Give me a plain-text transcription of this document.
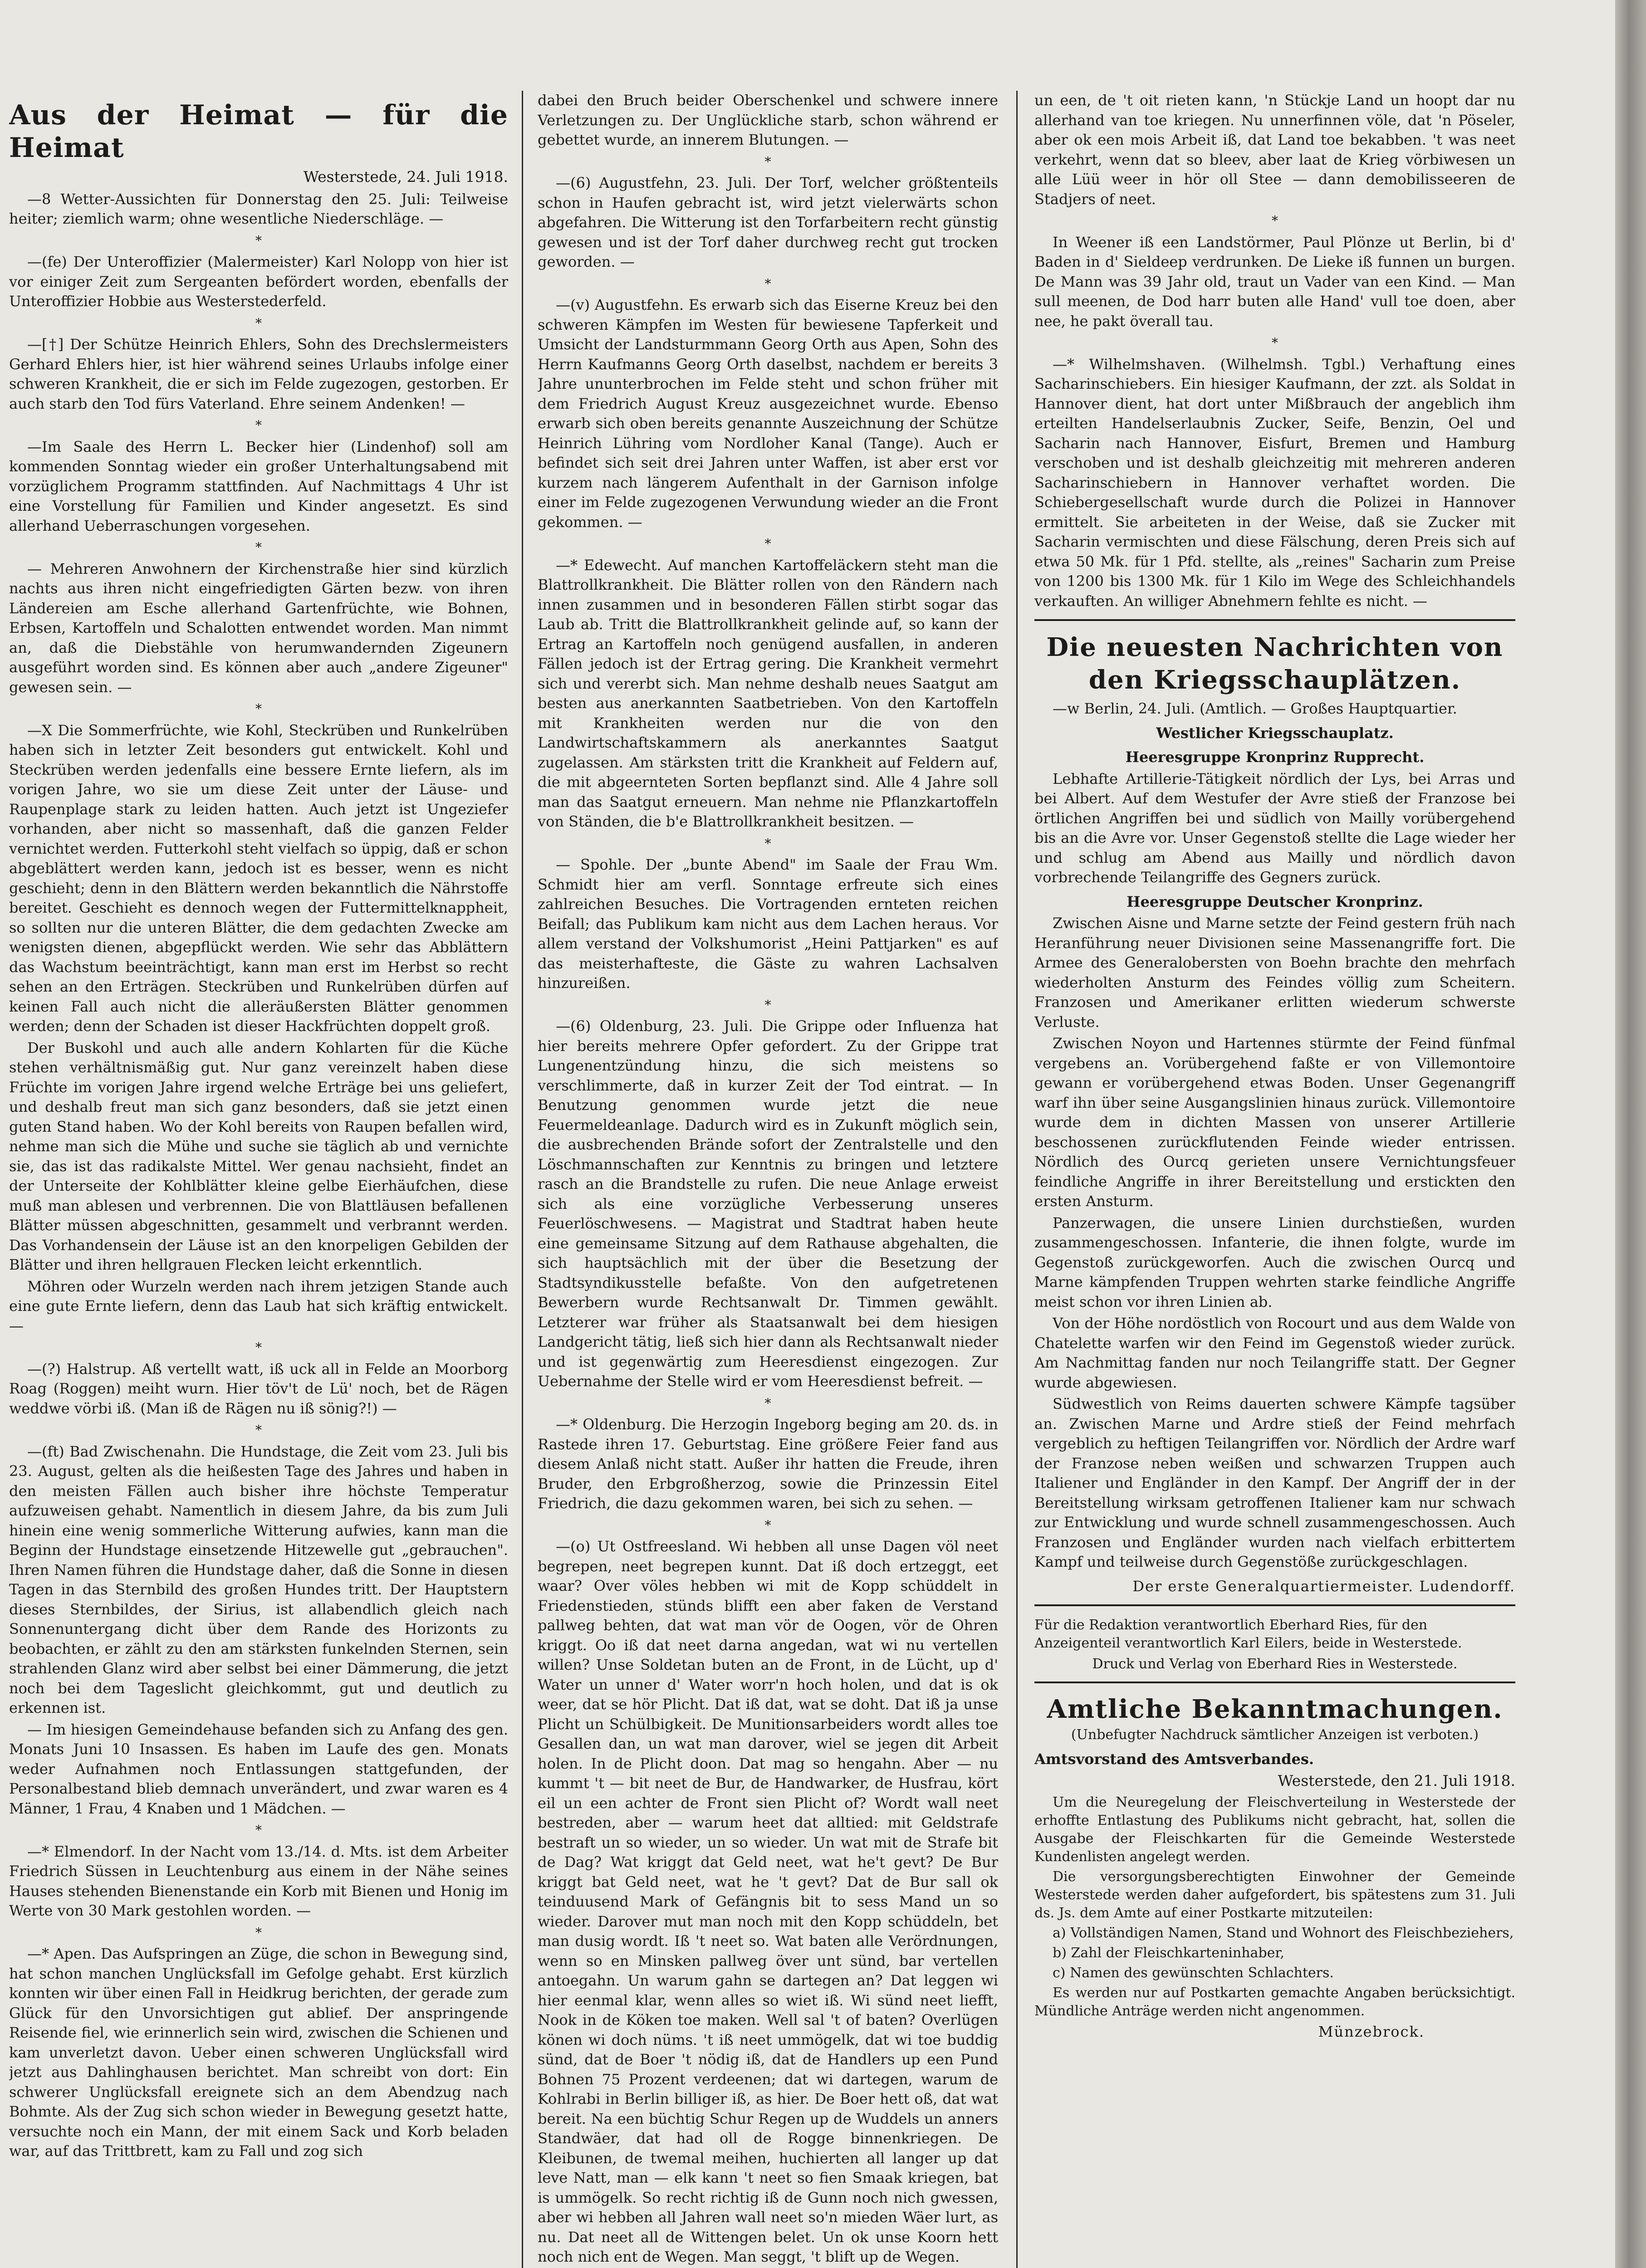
Aus der Heimat — für die Heimat
Westerstede, 24. Juli 1918.
—8 Wetter-Aussichten für Donnerstag den 25. Juli: Teilweise heiter; ziemlich warm; ohne wesentliche Niederschläge. —
*
—(fe) Der Unteroffizier (Malermeister) Karl Nolopp von hier ist vor einiger Zeit zum Sergeanten befördert worden, ebenfalls der Unteroffizier Hobbie aus Westerstederfeld.
*
—[†] Der Schütze Heinrich Ehlers, Sohn des Drechslermeisters Gerhard Ehlers hier, ist hier während seines Urlaubs infolge einer schweren Krankheit, die er sich im Felde zugezogen, gestorben. Er auch starb den Tod fürs Vaterland. Ehre seinem Andenken! —
*
—Im Saale des Herrn L. Becker hier (Lindenhof) soll am kommenden Sonntag wieder ein großer Unterhaltungsabend mit vorzüglichem Programm stattfinden. Auf Nachmittags 4 Uhr ist eine Vorstellung für Familien und Kinder angesetzt. Es sind allerhand Ueberraschungen vorgesehen.
*
— Mehreren Anwohnern der Kirchenstraße hier sind kürzlich nachts aus ihren nicht eingefriedigten Gärten bezw. von ihren Ländereien am Esche allerhand Gartenfrüchte, wie Bohnen, Erbsen, Kartoffeln und Schalotten entwendet worden. Man nimmt an, daß die Diebstähle von herumwandernden Zigeunern ausgeführt worden sind. Es können aber auch „andere Zigeuner" gewesen sein. —
*
—X Die Sommerfrüchte, wie Kohl, Steckrüben und Runkelrüben haben sich in letzter Zeit besonders gut entwickelt. Kohl und Steckrüben werden jedenfalls eine bessere Ernte liefern, als im vorigen Jahre, wo sie um diese Zeit unter der Läuse- und Raupenplage stark zu leiden hatten. Auch jetzt ist Ungeziefer vorhanden, aber nicht so massenhaft, daß die ganzen Felder vernichtet werden. Futterkohl steht vielfach so üppig, daß er schon abgeblättert werden kann, jedoch ist es besser, wenn es nicht geschieht; denn in den Blättern werden bekanntlich die Nährstoffe bereitet. Geschieht es dennoch wegen der Futtermittelknappheit, so sollten nur die unteren Blätter, die dem gedachten Zwecke am wenigsten dienen, abgepflückt werden. Wie sehr das Abblättern das Wachstum beeinträchtigt, kann man erst im Herbst so recht sehen an den Erträgen. Steckrüben und Runkelrüben dürfen auf keinen Fall auch nicht die alleräußersten Blätter genommen werden; denn der Schaden ist dieser Hackfrüchten doppelt groß.
Der Buskohl und auch alle andern Kohlarten für die Küche stehen verhältnismäßig gut. Nur ganz vereinzelt haben diese Früchte im vorigen Jahre irgend welche Erträge bei uns geliefert, und deshalb freut man sich ganz besonders, daß sie jetzt einen guten Stand haben. Wo der Kohl bereits von Raupen befallen wird, nehme man sich die Mühe und suche sie täglich ab und vernichte sie, das ist das radikalste Mittel. Wer genau nachsieht, findet an der Unterseite der Kohlblätter kleine gelbe Eierhäufchen, diese muß man ablesen und verbrennen. Die von Blattläusen befallenen Blätter müssen abgeschnitten, gesammelt und verbrannt werden. Das Vorhandensein der Läuse ist an den knorpeligen Gebilden der Blätter und ihren hellgrauen Flecken leicht erkenntlich.
Möhren oder Wurzeln werden nach ihrem jetzigen Stande auch eine gute Ernte liefern, denn das Laub hat sich kräftig entwickelt. —
*
—(?) Halstrup. Aß vertellt watt, iß uck all in Felde an Moorborg Roag (Roggen) meiht wurn. Hier töv't de Lü' noch, bet de Rägen weddwe vörbi iß. (Man iß de Rägen nu iß sönig?!) —
*
—(ft) Bad Zwischenahn. Die Hundstage, die Zeit vom 23. Juli bis 23. August, gelten als die heißesten Tage des Jahres und haben in den meisten Fällen auch bisher ihre höchste Temperatur aufzuweisen gehabt. Namentlich in diesem Jahre, da bis zum Juli hinein eine wenig sommerliche Witterung aufwies, kann man die Beginn der Hundstage einsetzende Hitzewelle gut „gebrauchen". Ihren Namen führen die Hundstage daher, daß die Sonne in diesen Tagen in das Sternbild des großen Hundes tritt. Der Hauptstern dieses Sternbildes, der Sirius, ist allabendlich gleich nach Sonnenuntergang dicht über dem Rande des Horizonts zu beobachten, er zählt zu den am stärksten funkelnden Sternen, sein strahlenden Glanz wird aber selbst bei einer Dämmerung, die jetzt noch bei dem Tageslicht gleichkommt, gut und deutlich zu erkennen ist.
— Im hiesigen Gemeindehause befanden sich zu Anfang des gen. Monats Juni 10 Insassen. Es haben im Laufe des gen. Monats weder Aufnahmen noch Entlassungen stattgefunden, der Personalbestand blieb demnach unverändert, und zwar waren es 4 Männer, 1 Frau, 4 Knaben und 1 Mädchen. —
*
—* Elmendorf. In der Nacht vom 13./14. d. Mts. ist dem Arbeiter Friedrich Süssen in Leuchtenburg aus einem in der Nähe seines Hauses stehenden Bienenstande ein Korb mit Bienen und Honig im Werte von 30 Mark gestohlen worden. —
*
—* Apen. Das Aufspringen an Züge, die schon in Bewegung sind, hat schon manchen Unglücksfall im Gefolge gehabt. Erst kürzlich konnten wir über einen Fall in Heidkrug berichten, der gerade zum Glück für den Unvorsichtigen gut ablief. Der anspringende Reisende fiel, wie erinnerlich sein wird, zwischen die Schienen und kam unverletzt davon. Ueber einen schweren Unglücksfall wird jetzt aus Dahlinghausen berichtet. Man schreibt von dort: Ein schwerer Unglücksfall ereignete sich an dem Abendzug nach Bohmte. Als der Zug sich schon wieder in Bewegung gesetzt hatte, versuchte noch ein Mann, der mit einem Sack und Korb beladen war, auf das Trittbrett, kam zu Fall und zog sich
dabei den Bruch beider Oberschenkel und schwere innere Verletzungen zu. Der Unglückliche starb, schon während er gebettet wurde, an innerem Blutungen. —
*
—(6) Augustfehn, 23. Juli. Der Torf, welcher größtenteils schon in Haufen gebracht ist, wird jetzt vielerwärts schon abgefahren. Die Witterung ist den Torfarbeitern recht günstig gewesen und ist der Torf daher durchweg recht gut trocken geworden. —
*
—(v) Augustfehn. Es erwarb sich das Eiserne Kreuz bei den schweren Kämpfen im Westen für bewiesene Tapferkeit und Umsicht der Landsturmmann Georg Orth aus Apen, Sohn des Herrn Kaufmanns Georg Orth daselbst, nachdem er bereits 3 Jahre ununterbrochen im Felde steht und schon früher mit dem Friedrich August Kreuz ausgezeichnet wurde. Ebenso erwarb sich oben bereits genannte Auszeichnung der Schütze Heinrich Lühring vom Nordloher Kanal (Tange). Auch er befindet sich seit drei Jahren unter Waffen, ist aber erst vor kurzem nach längerem Aufenthalt in der Garnison infolge einer im Felde zugezogenen Verwundung wieder an die Front gekommen. —
*
—* Edewecht. Auf manchen Kartoffeläckern steht man die Blattrollkrankheit. Die Blätter rollen von den Rändern nach innen zusammen und in besonderen Fällen stirbt sogar das Laub ab. Tritt die Blattrollkrankheit gelinde auf, so kann der Ertrag an Kartoffeln noch genügend ausfallen, in anderen Fällen jedoch ist der Ertrag gering. Die Krankheit vermehrt sich und vererbt sich. Man nehme deshalb neues Saatgut am besten aus anerkannten Saatbetrieben. Von den Kartoffeln mit Krankheiten werden nur die von den Landwirtschaftskammern als anerkanntes Saatgut zugelassen. Am stärksten tritt die Krankheit auf Feldern auf, die mit abgeernteten Sorten bepflanzt sind. Alle 4 Jahre soll man das Saatgut erneuern. Man nehme nie Pflanzkartoffeln von Ständen, die b'e Blattrollkrankheit besitzen. —
*
— Spohle. Der „bunte Abend" im Saale der Frau Wm. Schmidt hier am verfl. Sonntage erfreute sich eines zahlreichen Besuches. Die Vortragenden ernteten reichen Beifall; das Publikum kam nicht aus dem Lachen heraus. Vor allem verstand der Volkshumorist „Heini Pattjarken" es auf das meisterhafteste, die Gäste zu wahren Lachsalven hinzureißen.
*
—(6) Oldenburg, 23. Juli. Die Grippe oder Influenza hat hier bereits mehrere Opfer gefordert. Zu der Grippe trat Lungenentzündung hinzu, die sich meistens so verschlimmerte, daß in kurzer Zeit der Tod eintrat. — In Benutzung genommen wurde jetzt die neue Feuermeldeanlage. Dadurch wird es in Zukunft möglich sein, die ausbrechenden Brände sofort der Zentralstelle und den Löschmannschaften zur Kenntnis zu bringen und letztere rasch an die Brandstelle zu rufen. Die neue Anlage erweist sich als eine vorzügliche Verbesserung unseres Feuerlöschwesens. — Magistrat und Stadtrat haben heute eine gemeinsame Sitzung auf dem Rathause abgehalten, die sich hauptsächlich mit der über die Besetzung der Stadtsyndikusstelle befaßte. Von den aufgetretenen Bewerbern wurde Rechtsanwalt Dr. Timmen gewählt. Letzterer war früher als Staatsanwalt bei dem hiesigen Landgericht tätig, ließ sich hier dann als Rechtsanwalt nieder und ist gegenwärtig zum Heeresdienst eingezogen. Zur Uebernahme der Stelle wird er vom Heeresdienst befreit. —
*
—* Oldenburg. Die Herzogin Ingeborg beging am 20. ds. in Rastede ihren 17. Geburtstag. Eine größere Feier fand aus diesem Anlaß nicht statt. Außer ihr hatten die Freude, ihren Bruder, den Erbgroßherzog, sowie die Prinzessin Eitel Friedrich, die dazu gekommen waren, bei sich zu sehen. —
*
—(o) Ut Ostfreesland. Wi hebben all unse Dagen völ neet begrepen, neet begrepen kunnt. Dat iß doch ertzeggt, eet waar? Over völes hebben wi mit de Kopp schüddelt in Friedenstieden, stünds blifft een aber faken de Verstand pallweg behten, dat wat man vör de Oogen, vör de Ohren kriggt. Oo iß dat neet darna angedan, wat wi nu vertellen willen? Unse Soldetan buten an de Front, in de Lücht, up d' Water un unner d' Water worr'n hoch holen, und dat is ok weer, dat se hör Plicht. Dat iß dat, wat se doht. Dat iß ja unse Plicht un Schülbigkeit. De Munitionsarbeiders wordt alles toe Gesallen dan, un wat man darover, wiel se jegen dit Arbeit holen. In de Plicht doon. Dat mag so hengahn. Aber — nu kummt 't — bit neet de Bur, de Handwarker, de Husfrau, kört eil un een achter de Front sien Plicht of? Wordt wall neet bestreden, aber — warum heet dat alltied: mit Geldstrafe bestraft un so wieder, un so wieder. Un wat mit de Strafe bit de Dag? Wat kriggt dat Geld neet, wat he't gevt? De Bur kriggt bat Geld neet, wat he 't gevt? Dat de Bur sall ok teinduusend Mark of Gefängnis bit to sess Mand un so wieder. Darover mut man noch mit den Kopp schüddeln, bet man dusig wordt. Iß 't neet so. Wat baten alle Verördnungen, wenn so en Minsken pallweg över unt sünd, bar vertellen antoegahn. Un warum gahn se dartegen an? Dat leggen wi hier eenmal klar, wenn alles so wiet iß. Wi sünd neet liefft, Nook in de Köken toe maken. Well sal 't of baten? Overlügen könen wi doch nüms. 't iß neet ummögelk, dat wi toe buddig sünd, dat de Boer 't nödig iß, dat de Handlers up een Pund Bohnen 75 Prozent verdeenen; dat wi dartegen, warum de Kohlrabi in Berlin billiger iß, as hier. De Boer hett oß, dat wat bereit. Na een büchtig Schur Regen up de Wuddels un anners Standwäer, dat had oll de Rogge binnenkriegen. De Kleibunen, de twemal meihen, huchierten all langer up dat leve Natt, man — elk kann 't neet so fien Smaak kriegen, bat is ummögelk. So recht richtig iß de Gunn noch nich gwessen, aber wi hebben all Jahren wall neet so'n mieden Wäer lurt, as nu. Dat neet all de Wittengen belet. Un ok unse Koorn hett noch nich ent de Wegen. Man seggt, 't blift up de Wegen.
un een, de 't oit rieten kann, 'n Stückje Land un hoopt dar nu allerhand van toe kriegen. Nu unnerfinnen völe, dat 'n Pöseler, aber ok een mois Arbeit iß, dat Land toe bekabben. 't was neet verkehrt, wenn dat so bleev, aber laat de Krieg vörbiwesen un alle Lüü weer in hör oll Stee — dann demobilisseeren de Stadjers of neet.
*
In Weener iß een Landstörmer, Paul Plönze ut Berlin, bi d' Baden in d' Sieldeep verdrunken. De Lieke iß funnen un burgen. De Mann was 39 Jahr old, traut un Vader van een Kind. — Man sull meenen, de Dod harr buten alle Hand' vull toe doen, aber nee, he pakt överall tau.
*
—* Wilhelmshaven. (Wilhelmsh. Tgbl.) Verhaftung eines Sacharinschiebers. Ein hiesiger Kaufmann, der zzt. als Soldat in Hannover dient, hat dort unter Mißbrauch der angeblich ihm erteilten Handelserlaubnis Zucker, Seife, Benzin, Oel und Sacharin nach Hannover, Eisfurt, Bremen und Hamburg verschoben und ist deshalb gleichzeitig mit mehreren anderen Sacharinschiebern in Hannover verhaftet worden. Die Schiebergesellschaft wurde durch die Polizei in Hannover ermittelt. Sie arbeiteten in der Weise, daß sie Zucker mit Sacharin vermischten und diese Fälschung, deren Preis sich auf etwa 50 Mk. für 1 Pfd. stellte, als „reines" Sacharin zum Preise von 1200 bis 1300 Mk. für 1 Kilo im Wege des Schleichhandels verkauften. An williger Abnehmern fehlte es nicht. —
Die neuesten Nachrichten von den Kriegsschauplätzen.
—w Berlin, 24. Juli. (Amtlich. — Großes Hauptquartier.
Westlicher Kriegsschauplatz.
Heeresgruppe Kronprinz Rupprecht.
Lebhafte Artillerie-Tätigkeit nördlich der Lys, bei Arras und bei Albert. Auf dem Westufer der Avre stieß der Franzose bei örtlichen Angriffen bei und südlich von Mailly vorübergehend bis an die Avre vor. Unser Gegenstoß stellte die Lage wieder her und schlug am Abend aus Mailly und nördlich davon vorbrechende Teilangriffe des Gegners zurück.
Heeresgruppe Deutscher Kronprinz.
Zwischen Aisne und Marne setzte der Feind gestern früh nach Heranführung neuer Divisionen seine Massenangriffe fort. Die Armee des Generalobersten von Boehn brachte den mehrfach wiederholten Ansturm des Feindes völlig zum Scheitern. Franzosen und Amerikaner erlitten wiederum schwerste Verluste.
Zwischen Noyon und Hartennes stürmte der Feind fünfmal vergebens an. Vorübergehend faßte er von Villemontoire gewann er vorübergehend etwas Boden. Unser Gegenangriff warf ihn über seine Ausgangslinien hinaus zurück. Villemontoire wurde dem in dichten Massen von unserer Artillerie beschossenen zurückflutenden Feinde wieder entrissen. Nördlich des Ourcq gerieten unsere Vernichtungsfeuer feindliche Angriffe in ihrer Bereitstellung und erstickten den ersten Ansturm.
Panzerwagen, die unsere Linien durchstießen, wurden zusammengeschossen. Infanterie, die ihnen folgte, wurde im Gegenstoß zurückgeworfen. Auch die zwischen Ourcq und Marne kämpfenden Truppen wehrten starke feindliche Angriffe meist schon vor ihren Linien ab.
Von der Höhe nordöstlich von Rocourt und aus dem Walde von Chatelette warfen wir den Feind im Gegenstoß wieder zurück. Am Nachmittag fanden nur noch Teilangriffe statt. Der Gegner wurde abgewiesen.
Südwestlich von Reims dauerten schwere Kämpfe tagsüber an. Zwischen Marne und Ardre stieß der Feind mehrfach vergeblich zu heftigen Teilangriffen vor. Nördlich der Ardre warf der Franzose neben weißen und schwarzen Truppen auch Italiener und Engländer in den Kampf. Der Angriff der in der Bereitstellung wirksam getroffenen Italiener kam nur schwach zur Entwicklung und wurde schnell zusammengeschossen. Auch Franzosen und Engländer wurden nach vielfach erbittertem Kampf und teilweise durch Gegenstöße zurückgeschlagen.
Der erste Generalquartiermeister. Ludendorff.
Für die Redaktion verantwortlich Eberhard Ries, für den Anzeigenteil verantwortlich Karl Eilers, beide in Westerstede.
Druck und Verlag von Eberhard Ries in Westerstede.
Amtliche Bekanntmachungen.
(Unbefugter Nachdruck sämtlicher Anzeigen ist verboten.)
Amtsvorstand des Amtsverbandes.
Westerstede, den 21. Juli 1918.
Um die Neuregelung der Fleischverteilung in Westerstede der erhoffte Entlastung des Publikums nicht gebracht, hat, sollen die Ausgabe der Fleischkarten für die Gemeinde Westerstede Kundenlisten angelegt werden.
Die versorgungsberechtigten Einwohner der Gemeinde Westerstede werden daher aufgefordert, bis spätestens zum 31. Juli ds. Js. dem Amte auf einer Postkarte mitzuteilen:
a) Vollständigen Namen, Stand und Wohnort des Fleischbeziehers,
b) Zahl der Fleischkarteninhaber,
c) Namen des gewünschten Schlachters.
Es werden nur auf Postkarten gemachte Angaben berücksichtigt. Mündliche Anträge werden nicht angenommen.
Münzebrock.
